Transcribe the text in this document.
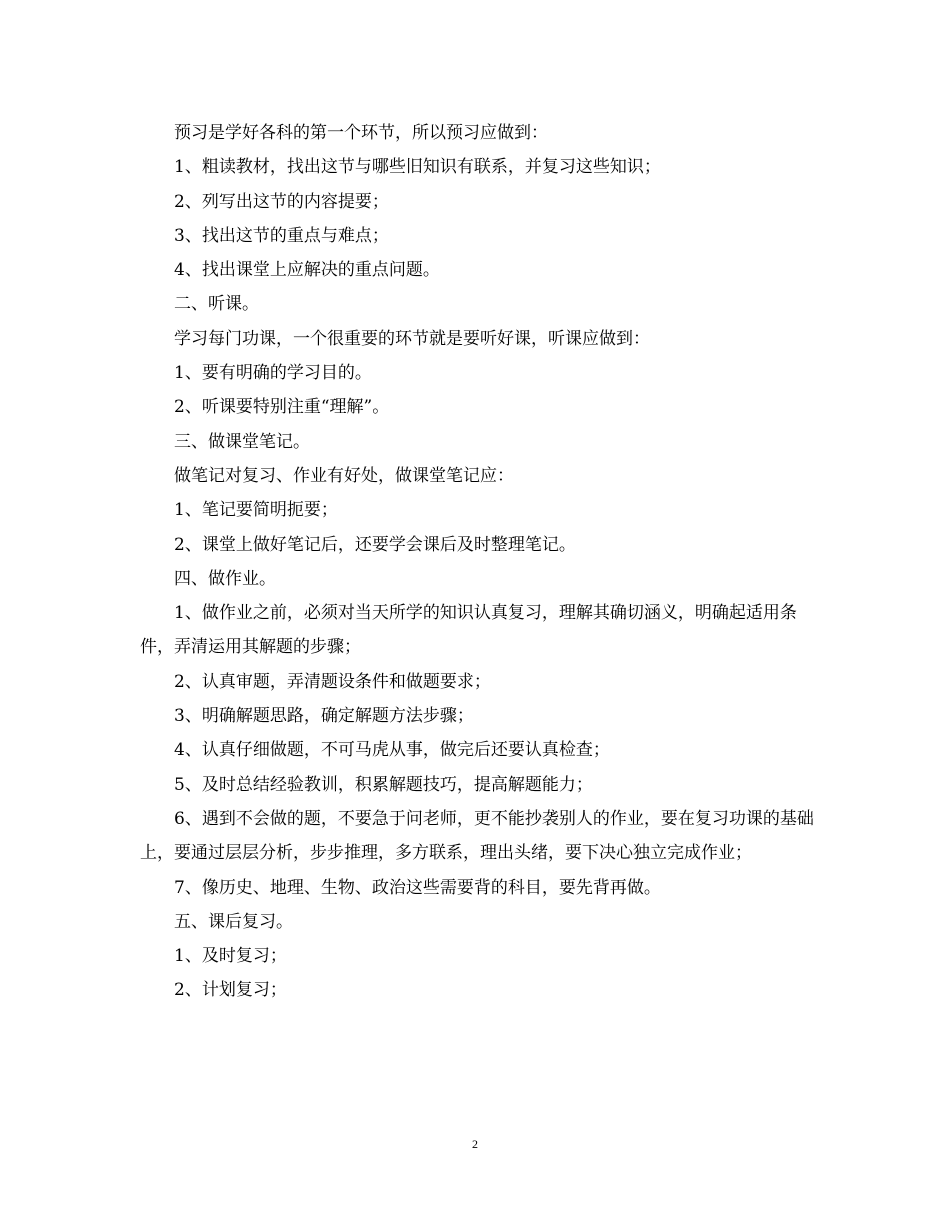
预习是学好各科的第一个环节，所以预习应做到：

1、粗读教材，找出这节与哪些旧知识有联系，并复习这些知识；

2、列写出这节的内容提要；

3、找出这节的重点与难点；

4、找出课堂上应解决的重点问题。

二、听课。

学习每门功课，一个很重要的环节就是要听好课，听课应做到：

1、要有明确的学习目的。

2、听课要特别注重“理解”。

三、做课堂笔记。

做笔记对复习、作业有好处，做课堂笔记应：

1、笔记要简明扼要；

2、课堂上做好笔记后，还要学会课后及时整理笔记。

四、做作业。

1、做作业之前，必须对当天所学的知识认真复习，理解其确切涵义，明确起适用条件，弄清运用其解题的步骤；

2、认真审题，弄清题设条件和做题要求；

3、明确解题思路，确定解题方法步骤；

4、认真仔细做题，不可马虎从事，做完后还要认真检查；

5、及时总结经验教训，积累解题技巧，提高解题能力；

6、遇到不会做的题，不要急于问老师，更不能抄袭别人的作业，要在复习功课的基础上，要通过层层分析，步步推理，多方联系，理出头绪，要下决心独立完成作业；

7、像历史、地理、生物、政治这些需要背的科目，要先背再做。

五、课后复习。

1、及时复习；

2、计划复习；

2
